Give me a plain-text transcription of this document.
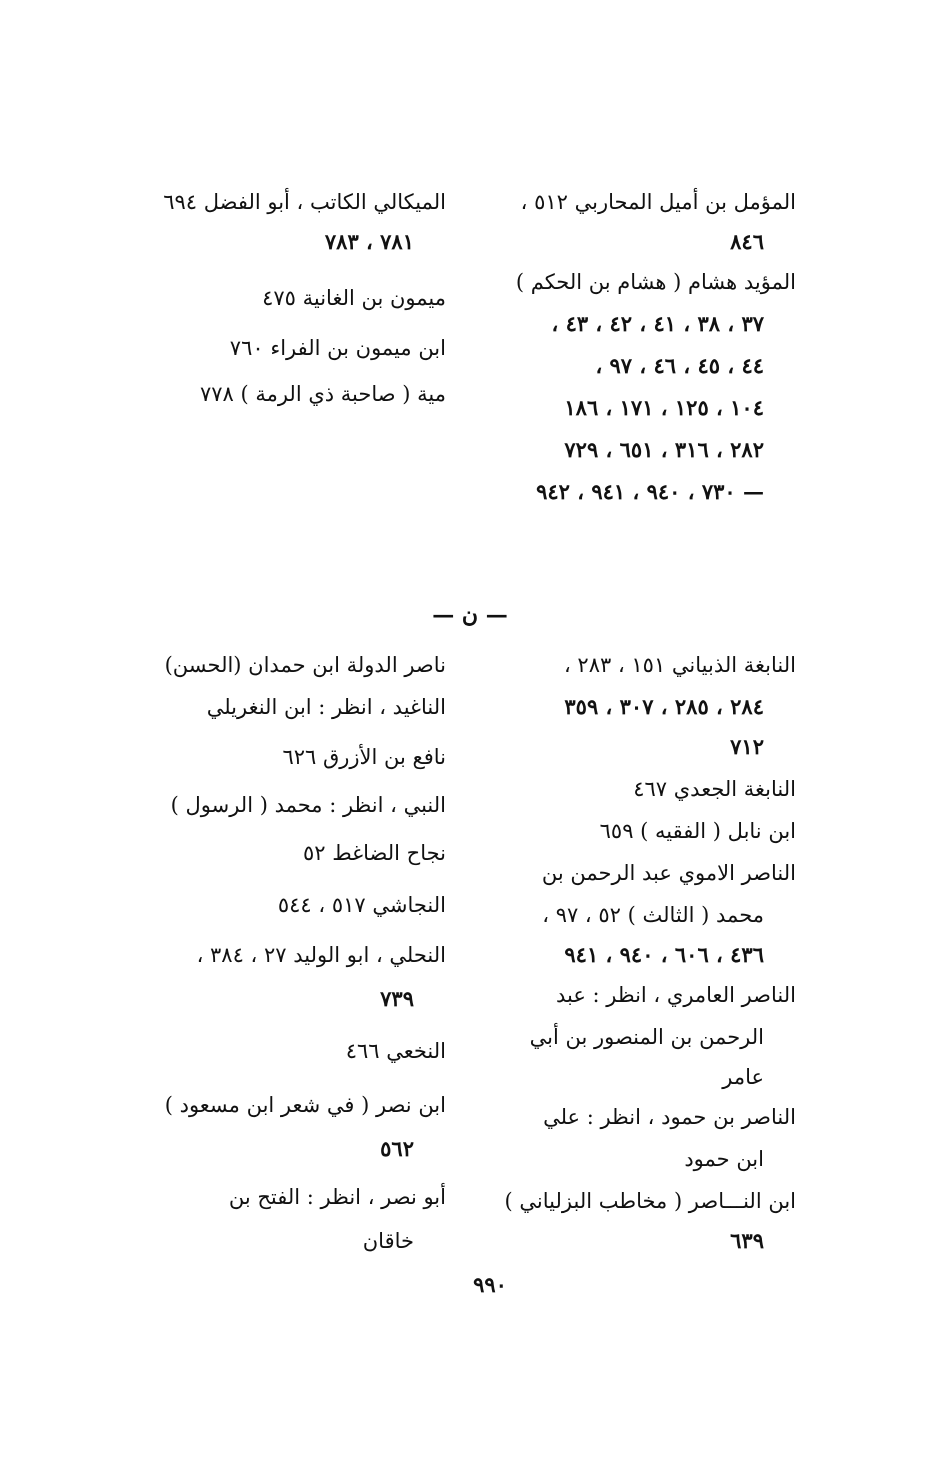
المؤمل بن أميل المحاربي ٥١٢ ،
٨٤٦
المؤيد هشام ( هشام بن الحكم )
٣٧ ، ٣٨ ، ٤١ ، ٤٢ ، ٤٣ ،
٤٤ ، ٤٥ ، ٤٦ ، ٩٧ ،
١٠٤ ، ١٢٥ ، ١٧١ ، ١٨٦
٢٨٢ ، ٣١٦ ، ٦٥١ ، ٧٢٩
— ٧٣٠ ، ٩٤٠ ، ٩٤١ ، ٩٤٢
الميكالي الكاتب ، أبو الفضل ٦٩٤
٧٨١ ، ٧٨٣
ميمون بن الغانية ٤٧٥
ابن ميمون بن الفراء ٧٦٠
مية ( صاحبة ذي الرمة ) ٧٧٨
— ن —
النابغة الذبياني ١٥١ ، ٢٨٣ ،
٢٨٤ ، ٢٨٥ ، ٣٠٧ ، ٣٥٩
٧١٢
النابغة الجعدي ٤٦٧
ابن نابل ( الفقيه ) ٦٥٩
الناصر الاموي عبد الرحمن بن
محمد ( الثالث ) ٥٢ ، ٩٧ ،
٤٣٦ ، ٦٠٦ ، ٩٤٠ ، ٩٤١
الناصر العامري ، انظر : عبد
الرحمن بن المنصور بن أبي
عامر
الناصر بن حمود ، انظر : علي
ابن حمود
ابن النـــاصر ( مخاطب البزلياني )
٦٣٩
ناصر الدولة ابن حمدان (الحسن)
الناغيد ، انظر : ابن النغريلي
نافع بن الأزرق ٦٢٦
النبي ، انظر : محمد ( الرسول )
نجاح الضاغط ٥٢
النجاشي ٥١٧ ، ٥٤٤
النحلي ، ابو الوليد ٢٧ ، ٣٨٤ ،
٧٣٩
النخعي ٤٦٦
ابن نصر ( في شعر ابن مسعود )
٥٦٢
أبو نصر ، انظر : الفتح بن
خاقان
٩٩٠
